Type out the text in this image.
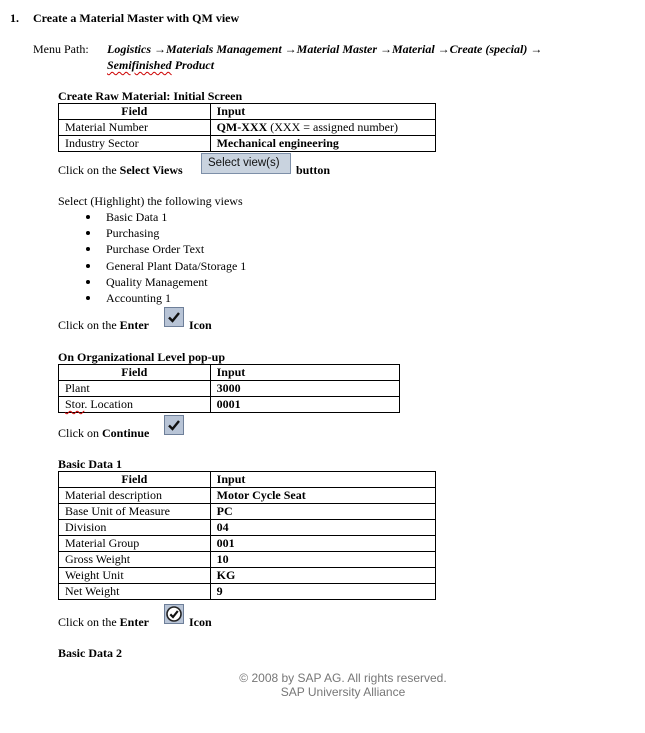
1. Create a Material Master with QM view
Menu Path: Logistics →Materials Management →Material Master →Material →Create (special) →
Semifinished Product
Create Raw Material: Initial Screen
Field	Input
Material Number	QM-XXX (XXX = assigned number)
Industry Sector	Mechanical engineering
Click on the Select Views	Select view(s)	button
Select (Highlight) the following views
Basic Data 1
Purchasing
Purchase Order Text
General Plant Data/Storage 1
Quality Management
Accounting 1
Click on the Enter	Icon
On Organizational Level pop-up
Field	Input
Plant	3000
Stor. Location	0001
Click on Continue
Basic Data 1
Field	Input
Material description	Motor Cycle Seat
Base Unit of Measure	PC
Division	04
Material Group	001
Gross Weight	10
Weight Unit	KG
Net Weight	9
Click on the Enter	Icon
Basic Data 2
© 2008 by SAP AG. All rights reserved.
SAP University Alliance
